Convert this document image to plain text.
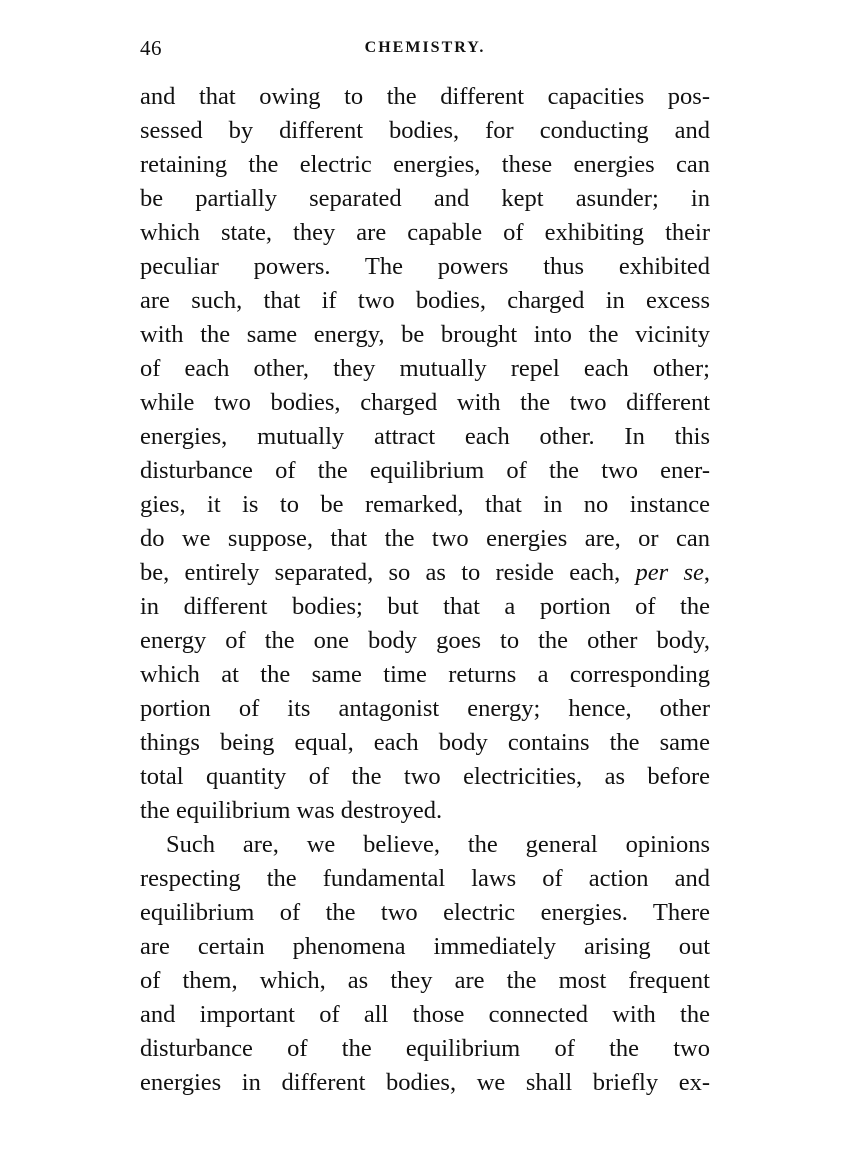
46	CHEMISTRY.
and that owing to the different capacities pos-
sessed by different bodies, for conducting and
retaining the electric energies, these energies can
be partially separated and kept asunder; in
which state, they are capable of exhibiting their
peculiar powers. The powers thus exhibited
are such, that if two bodies, charged in excess
with the same energy, be brought into the vicinity
of each other, they mutually repel each other;
while two bodies, charged with the two different
energies, mutually attract each other. In this
disturbance of the equilibrium of the two ener-
gies, it is to be remarked, that in no instance
do we suppose, that the two energies are, or can
be, entirely separated, so as to reside each, per se,
in different bodies; but that a portion of the
energy of the one body goes to the other body,
which at the same time returns a corresponding
portion of its antagonist energy; hence, other
things being equal, each body contains the same
total quantity of the two electricities, as before
the equilibrium was destroyed.
Such are, we believe, the general opinions
respecting the fundamental laws of action and
equilibrium of the two electric energies. There
are certain phenomena immediately arising out
of them, which, as they are the most frequent
and important of all those connected with the
disturbance of the equilibrium of the two
energies in different bodies, we shall briefly ex-
